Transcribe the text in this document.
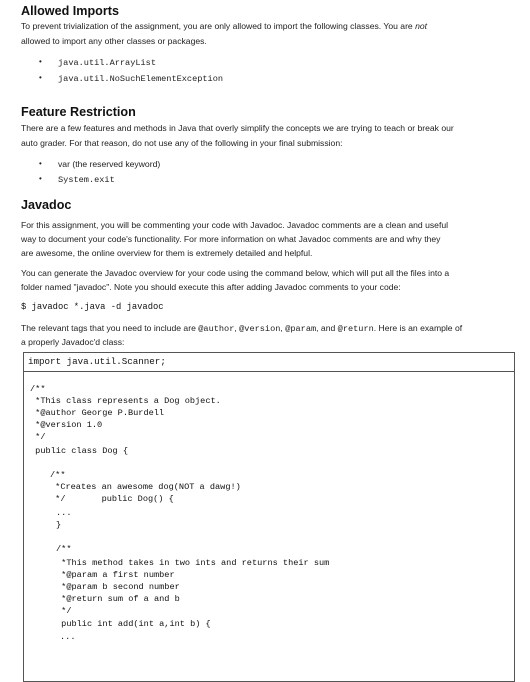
Allowed Imports

To prevent trivialization of the assignment, you are only allowed to import the following classes. You are not

allowed to import any other classes or packages.

• java.util.ArrayList
• java.util.NoSuchElementException
Feature Restriction

There are a few features and methods in Java that overly simplify the concepts we are trying to teach or break our

auto grader. For that reason, do not use any of the following in your final submission:

• var (the reserved keyword)
• System.exit
Javadoc

For this assignment, you will be commenting your code with Javadoc. Javadoc comments are a clean and useful

way to document your code's functionality. For more information on what Javadoc comments are and why they

are awesome, the online overview for them is extremely detailed and helpful.

You can generate the Javadoc overview for your code using the command below, which will put all the files into a

folder named "javadoc". Note you should execute this after adding Javadoc comments to your code:

$ javadoc *.java -d javadoc

The relevant tags that you need to include are @author, @version, @param, and @return. Here is an example of

a properly Javadoc'd class:

import java.util.Scanner;
/**
*This class represents a Dog object.
*@author George P.Burdell
*@version 1.0
*/
public class Dog {
/**
*Creates an awesome dog(NOT a dawg!)
*/       public Dog() {
...
}
/**
*This method takes in two ints and returns their sum
*@param a first number
*@param b second number
*@return sum of a and b
*/
public int add(int a,int b) {
...
